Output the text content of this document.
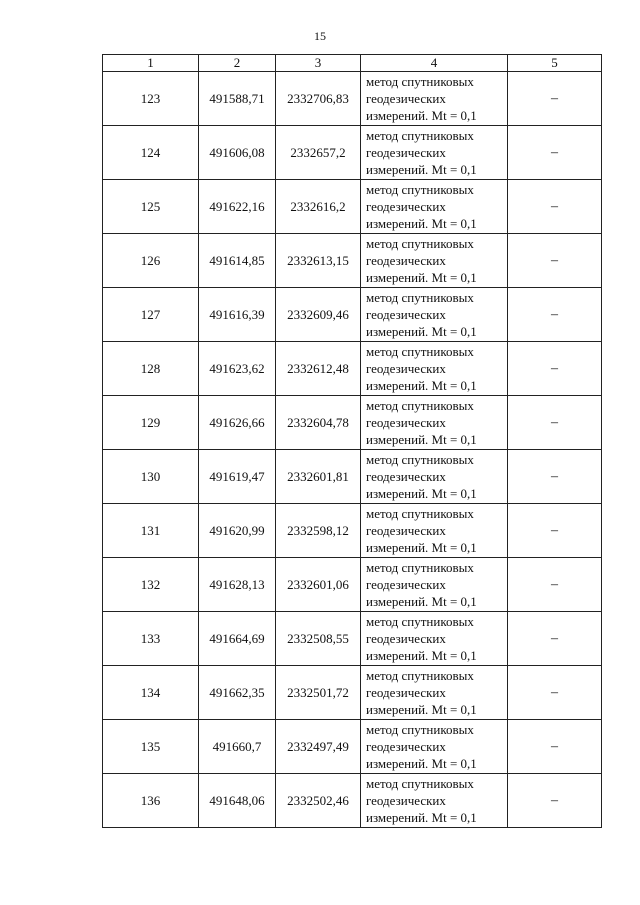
15
1	2	3	4	5
123	491588,71	2332706,83	метод спутниковых геодезических измерений. Mt = 0,1	–
124	491606,08	2332657,2	метод спутниковых геодезических измерений. Mt = 0,1	–
125	491622,16	2332616,2	метод спутниковых геодезических измерений. Mt = 0,1	–
126	491614,85	2332613,15	метод спутниковых геодезических измерений. Mt = 0,1	–
127	491616,39	2332609,46	метод спутниковых геодезических измерений. Mt = 0,1	–
128	491623,62	2332612,48	метод спутниковых геодезических измерений. Mt = 0,1	–
129	491626,66	2332604,78	метод спутниковых геодезических измерений. Mt = 0,1	–
130	491619,47	2332601,81	метод спутниковых геодезических измерений. Mt = 0,1	–
131	491620,99	2332598,12	метод спутниковых геодезических измерений. Mt = 0,1	–
132	491628,13	2332601,06	метод спутниковых геодезических измерений. Mt = 0,1	–
133	491664,69	2332508,55	метод спутниковых геодезических измерений. Mt = 0,1	–
134	491662,35	2332501,72	метод спутниковых геодезических измерений. Mt = 0,1	–
135	491660,7	2332497,49	метод спутниковых геодезических измерений. Mt = 0,1	–
136	491648,06	2332502,46	метод спутниковых геодезических измерений. Mt = 0,1	–
